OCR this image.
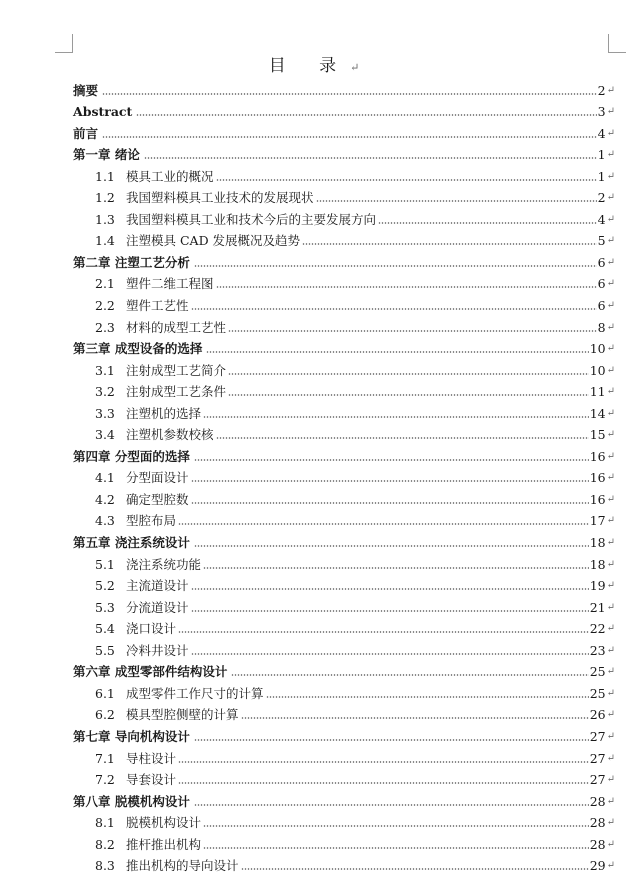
目 录↵
摘要	2 ↵
Abstract	3 ↵
前言	4 ↵
第一章 绪论	1 ↵
1.1 模具工业的概况	1 ↵
1.2 我国塑料模具工业技术的发展现状	2 ↵
1.3 我国塑料模具工业和技术今后的主要发展方向	4 ↵
1.4 注塑模具 CAD 发展概况及趋势	5 ↵
第二章 注塑工艺分析	6 ↵
2.1 塑件二维工程图	6 ↵
2.2 塑件工艺性	6 ↵
2.3 材料的成型工艺性	8 ↵
第三章 成型设备的选择	10 ↵
3.1 注射成型工艺简介	10 ↵
3.2 注射成型工艺条件	11 ↵
3.3 注塑机的选择	14 ↵
3.4 注塑机参数校核	15 ↵
第四章 分型面的选择	16 ↵
4.1 分型面设计	16 ↵
4.2 确定型腔数	16 ↵
4.3 型腔布局	17 ↵
第五章 浇注系统设计	18 ↵
5.1 浇注系统功能	18 ↵
5.2 主流道设计	19 ↵
5.3 分流道设计	21 ↵
5.4 浇口设计	22 ↵
5.5 冷料井设计	23 ↵
第六章 成型零部件结构设计	25 ↵
6.1 成型零件工作尺寸的计算	25 ↵
6.2 模具型腔侧壁的计算	26 ↵
第七章 导向机构设计	27 ↵
7.1 导柱设计	27 ↵
7.2 导套设计	27 ↵
第八章 脱模机构设计	28 ↵
8.1 脱模机构设计	28 ↵
8.2 推杆推出机构	28 ↵
8.3 推出机构的导向设计	29 ↵
